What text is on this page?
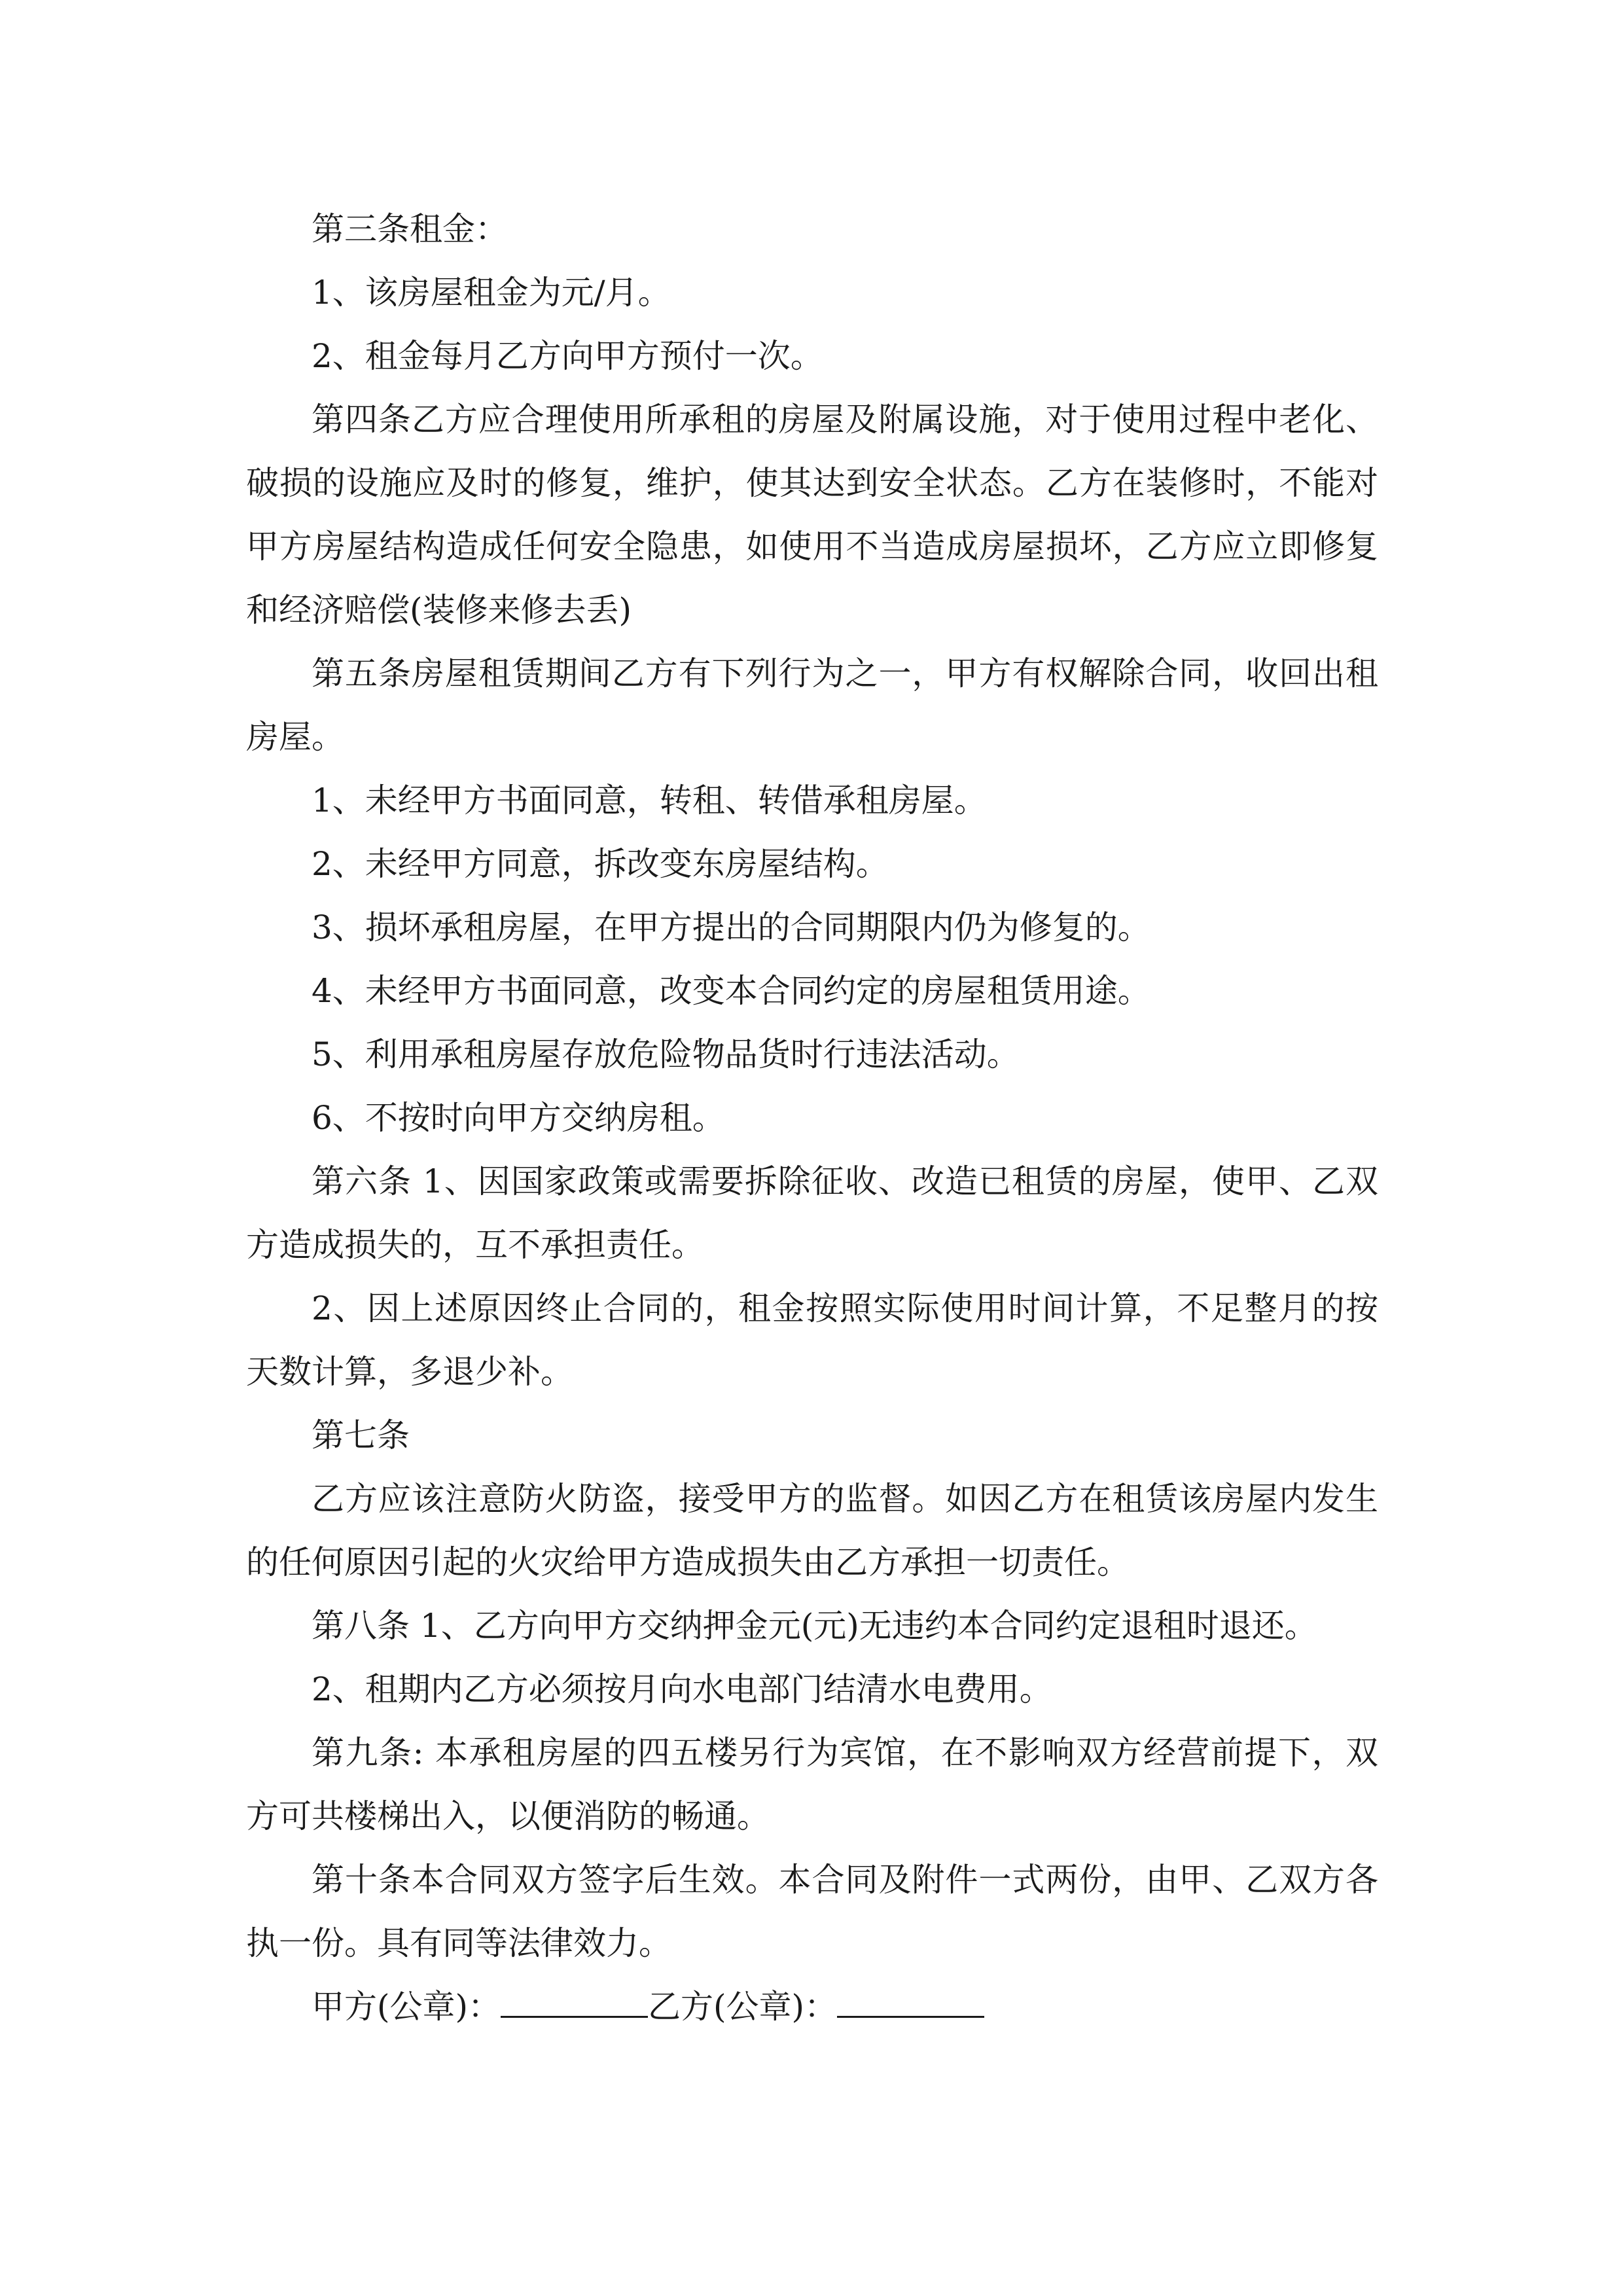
第三条租金：

1、该房屋租金为元/月。

2、租金每月乙方向甲方预付一次。

第四条乙方应合理使用所承租的房屋及附属设施，对于使用过程中老化、破损的设施应及时的修复，维护，使其达到安全状态。乙方在装修时，不能对甲方房屋结构造成任何安全隐患，如使用不当造成房屋损坏，乙方应立即修复和经济赔偿(装修来修去丢)

第五条房屋租赁期间乙方有下列行为之一，甲方有权解除合同，收回出租房屋。

1、未经甲方书面同意，转租、转借承租房屋。

2、未经甲方同意，拆改变东房屋结构。

3、损坏承租房屋，在甲方提出的合同期限内仍为修复的。

4、未经甲方书面同意，改变本合同约定的房屋租赁用途。

5、利用承租房屋存放危险物品货时行违法活动。

6、不按时向甲方交纳房租。

第六条 1、因国家政策或需要拆除征收、改造已租赁的房屋，使甲、乙双方造成损失的，互不承担责任。

2、因上述原因终止合同的，租金按照实际使用时间计算，不足整月的按天数计算，多退少补。

第七条

乙方应该注意防火防盗，接受甲方的监督。如因乙方在租赁该房屋内发生的任何原因引起的火灾给甲方造成损失由乙方承担一切责任。

第八条 1、乙方向甲方交纳押金元(元)无违约本合同约定退租时退还。

2、租期内乙方必须按月向水电部门结清水电费用。

第九条: 本承租房屋的四五楼另行为宾馆，在不影响双方经营前提下，双方可共楼梯出入，以便消防的畅通。

第十条本合同双方签字后生效。本合同及附件一式两份，由甲、乙双方各执一份。具有同等法律效力。

甲方(公章)：	乙方(公章)：
